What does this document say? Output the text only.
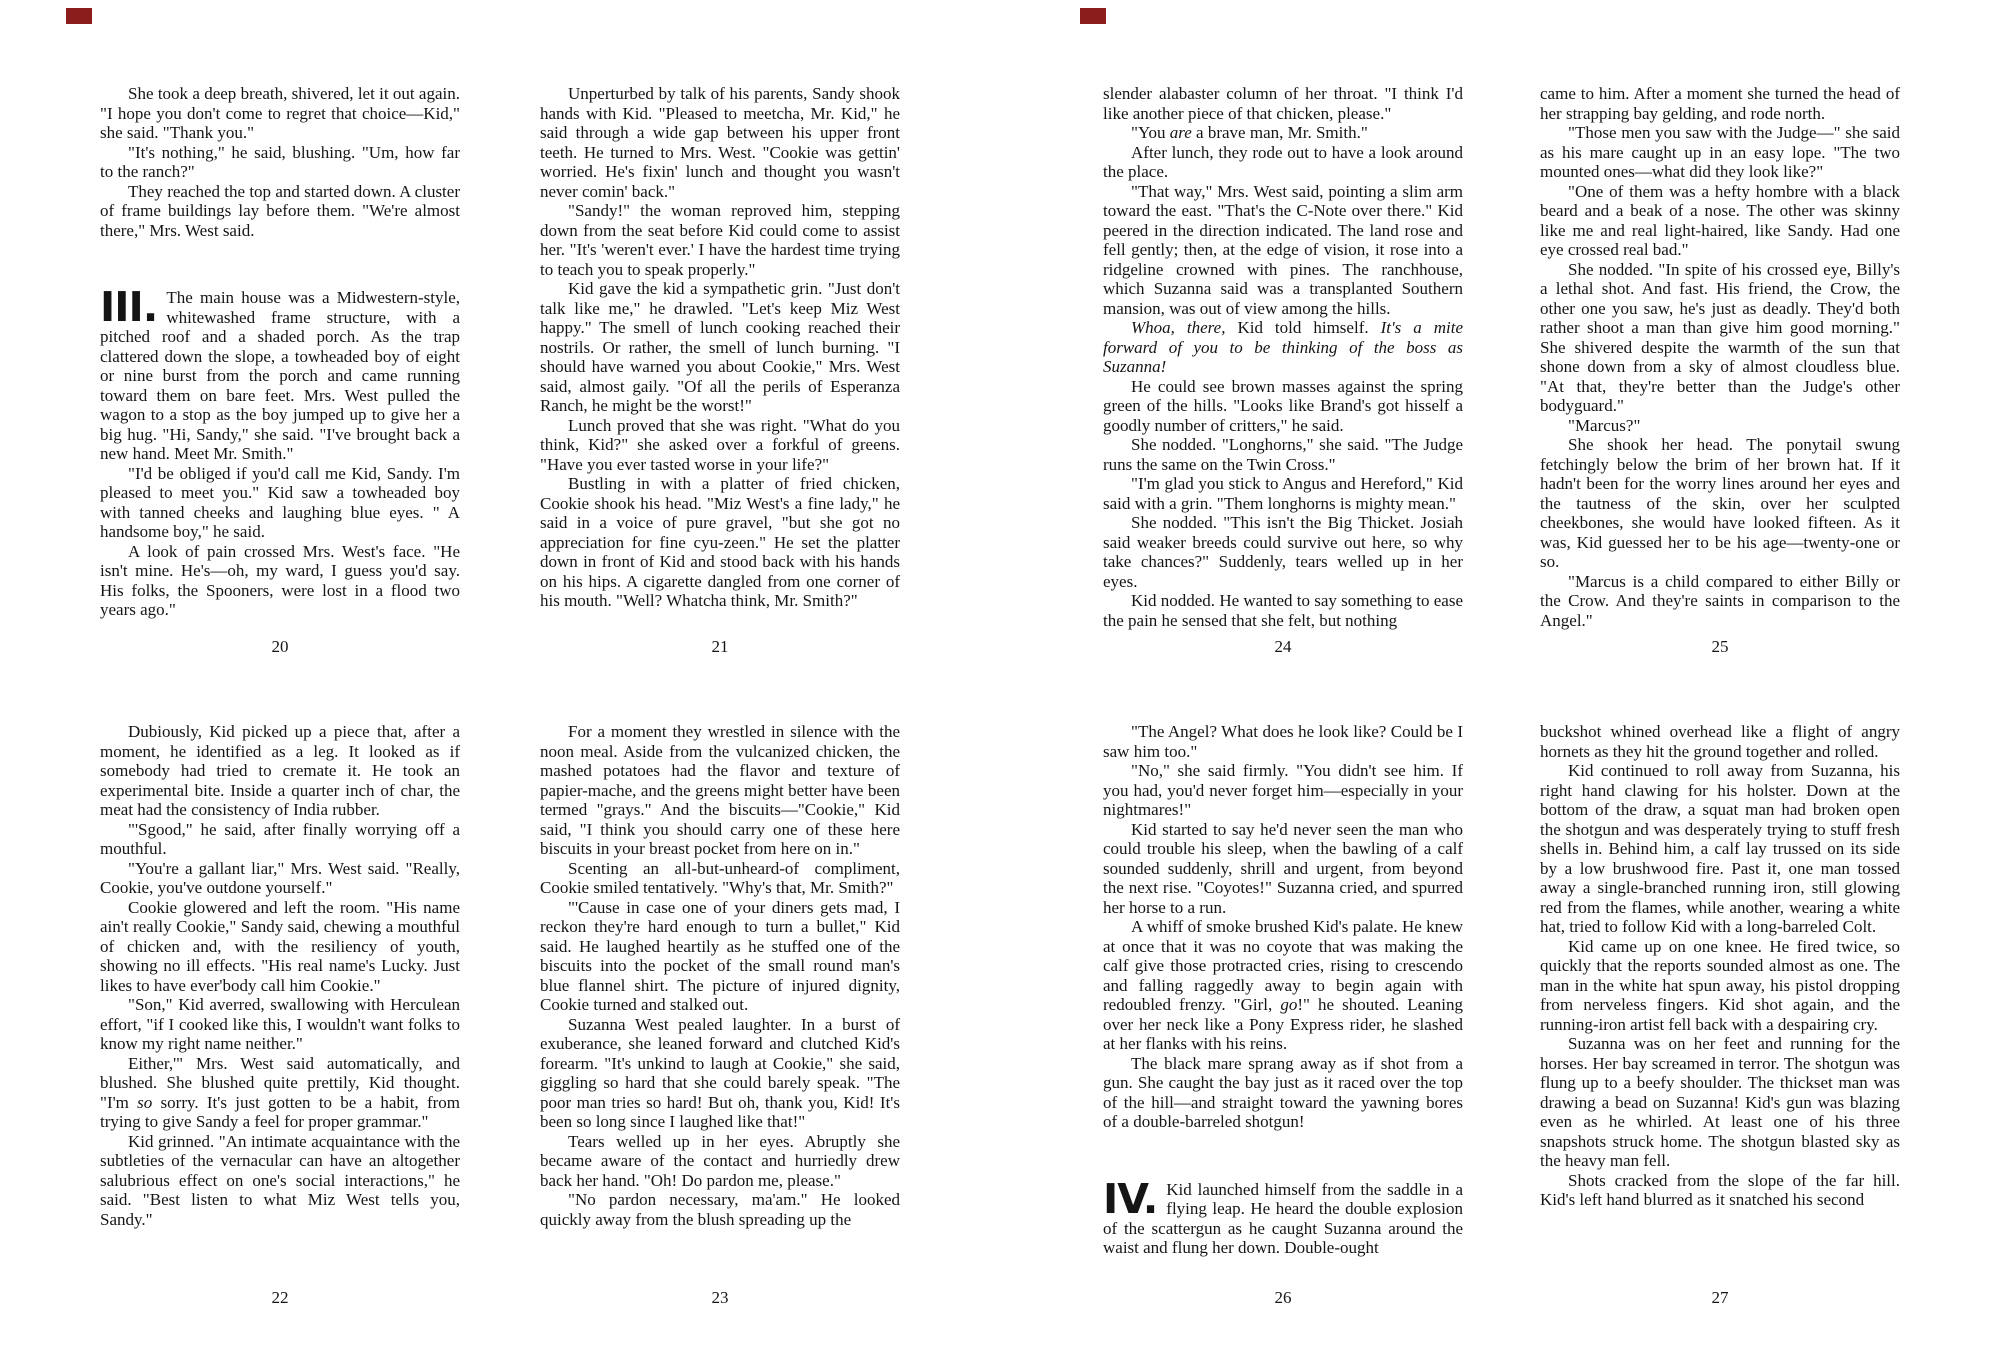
She took a deep breath, shivered, let it out again. "I hope you don't come to regret that choice—Kid," she said. "Thank you."

"It's nothing," he said, blushing. "Um, how far to the ranch?"

They reached the top and started down. A cluster of frame buildings lay before them. "We're almost there," Mrs. West said.

III. The main house was a Midwestern-style, whitewashed frame structure, with a pitched roof and a shaded porch. As the trap clattered down the slope, a towheaded boy of eight or nine burst from the porch and came running toward them on bare feet. Mrs. West pulled the wagon to a stop as the boy jumped up to give her a big hug. "Hi, Sandy," she said. "I've brought back a new hand. Meet Mr. Smith."

"I'd be obliged if you'd call me Kid, Sandy. I'm pleased to meet you." Kid saw a towheaded boy with tanned cheeks and laughing blue eyes. " A handsome boy," he said.

A look of pain crossed Mrs. West's face. "He isn't mine. He's—oh, my ward, I guess you'd say. His folks, the Spooners, were lost in a flood two years ago."

20

Unperturbed by talk of his parents, Sandy shook hands with Kid. "Pleased to meetcha, Mr. Kid," he said through a wide gap between his upper front teeth. He turned to Mrs. West. "Cookie was gettin' worried. He's fixin' lunch and thought you wasn't never comin' back."

"Sandy!" the woman reproved him, stepping down from the seat before Kid could come to assist her. "It's 'weren't ever.' I have the hardest time trying to teach you to speak properly."

Kid gave the kid a sympathetic grin. "Just don't talk like me," he drawled. "Let's keep Miz West happy." The smell of lunch cooking reached their nostrils. Or rather, the smell of lunch burning. "I should have warned you about Cookie," Mrs. West said, almost gaily. "Of all the perils of Esperanza Ranch, he might be the worst!"

Lunch proved that she was right. "What do you think, Kid?" she asked over a forkful of greens. "Have you ever tasted worse in your life?"

Bustling in with a platter of fried chicken, Cookie shook his head. "Miz West's a fine lady," he said in a voice of pure gravel, "but she got no appreciation for fine cyu-zeen." He set the platter down in front of Kid and stood back with his hands on his hips. A cigarette dangled from one corner of his mouth. "Well? Whatcha think, Mr. Smith?"

21

slender alabaster column of her throat. "I think I'd like another piece of that chicken, please."

"You are a brave man, Mr. Smith."

After lunch, they rode out to have a look around the place.

"That way," Mrs. West said, pointing a slim arm toward the east. "That's the C-Note over there." Kid peered in the direction indicated. The land rose and fell gently; then, at the edge of vision, it rose into a ridgeline crowned with pines. The ranchhouse, which Suzanna said was a transplanted Southern mansion, was out of view among the hills.

Whoa, there, Kid told himself. It's a mite forward of you to be thinking of the boss as Suzanna!

He could see brown masses against the spring green of the hills. "Looks like Brand's got hisself a goodly number of critters," he said.

She nodded. "Longhorns," she said. "The Judge runs the same on the Twin Cross."

"I'm glad you stick to Angus and Hereford," Kid said with a grin. "Them longhorns is mighty mean."

She nodded. "This isn't the Big Thicket. Josiah said weaker breeds could survive out here, so why take chances?" Suddenly, tears welled up in her eyes.

Kid nodded. He wanted to say something to ease the pain he sensed that she felt, but nothing

24

came to him. After a moment she turned the head of her strapping bay gelding, and rode north.

"Those men you saw with the Judge—" she said as his mare caught up in an easy lope. "The two mounted ones—what did they look like?"

"One of them was a hefty hombre with a black beard and a beak of a nose. The other was skinny like me and real light-haired, like Sandy. Had one eye crossed real bad."

She nodded. "In spite of his crossed eye, Billy's a lethal shot. And fast. His friend, the Crow, the other one you saw, he's just as deadly. They'd both rather shoot a man than give him good morning." She shivered despite the warmth of the sun that shone down from a sky of almost cloudless blue. "At that, they're better than the Judge's other bodyguard."

"Marcus?"

She shook her head. The ponytail swung fetchingly below the brim of her brown hat. If it hadn't been for the worry lines around her eyes and the tautness of the skin, over her sculpted cheekbones, she would have looked fifteen. As it was, Kid guessed her to be his age—twenty-one or so.

"Marcus is a child compared to either Billy or the Crow. And they're saints in comparison to the Angel."

25

Dubiously, Kid picked up a piece that, after a moment, he identified as a leg. It looked as if somebody had tried to cremate it. He took an experimental bite. Inside a quarter inch of char, the meat had the consistency of India rubber.

"'Sgood," he said, after finally worrying off a mouthful.

"You're a gallant liar," Mrs. West said. "Really, Cookie, you've outdone yourself."

Cookie glowered and left the room. "His name ain't really Cookie," Sandy said, chewing a mouthful of chicken and, with the resiliency of youth, showing no ill effects. "His real name's Lucky. Just likes to have ever'body call him Cookie."

"Son," Kid averred, swallowing with Herculean effort, "if I cooked like this, I wouldn't want folks to know my right name neither."

Either,'" Mrs. West said automatically, and blushed. She blushed quite prettily, Kid thought. "I'm so sorry. It's just gotten to be a habit, from trying to give Sandy a feel for proper grammar."

Kid grinned. "An intimate acquaintance with the subtleties of the vernacular can have an altogether salubrious effect on one's social interactions," he said. "Best listen to what Miz West tells you, Sandy."

22

For a moment they wrestled in silence with the noon meal. Aside from the vulcanized chicken, the mashed potatoes had the flavor and texture of papier-mache, and the greens might better have been termed "grays." And the biscuits—"Cookie," Kid said, "I think you should carry one of these here biscuits in your breast pocket from here on in."

Scenting an all-but-unheard-of compliment, Cookie smiled tentatively. "Why's that, Mr. Smith?"

"'Cause in case one of your diners gets mad, I reckon they're hard enough to turn a bullet," Kid said. He laughed heartily as he stuffed one of the biscuits into the pocket of the small round man's blue flannel shirt. The picture of injured dignity, Cookie turned and stalked out.

Suzanna West pealed laughter. In a burst of exuberance, she leaned forward and clutched Kid's forearm. "It's unkind to laugh at Cookie," she said, giggling so hard that she could barely speak. "The poor man tries so hard! But oh, thank you, Kid! It's been so long since I laughed like that!"

Tears welled up in her eyes. Abruptly she became aware of the contact and hurriedly drew back her hand. "Oh! Do pardon me, please."

"No pardon necessary, ma'am." He looked quickly away from the blush spreading up the

23

"The Angel? What does he look like? Could be I saw him too."

"No," she said firmly. "You didn't see him. If you had, you'd never forget him—especially in your nightmares!"

Kid started to say he'd never seen the man who could trouble his sleep, when the bawling of a calf sounded suddenly, shrill and urgent, from beyond the next rise. "Coyotes!" Suzanna cried, and spurred her horse to a run.

A whiff of smoke brushed Kid's palate. He knew at once that it was no coyote that was making the calf give those protracted cries, rising to crescendo and falling raggedly away to begin again with redoubled frenzy. "Girl, go!" he shouted. Leaning over her neck like a Pony Express rider, he slashed at her flanks with his reins.

The black mare sprang away as if shot from a gun. She caught the bay just as it raced over the top of the hill—and straight toward the yawning bores of a double-barreled shotgun!

IV. Kid launched himself from the saddle in a flying leap. He heard the double explosion of the scattergun as he caught Suzanna around the waist and flung her down. Double-ought

26

buckshot whined overhead like a flight of angry hornets as they hit the ground together and rolled.

Kid continued to roll away from Suzanna, his right hand clawing for his holster. Down at the bottom of the draw, a squat man had broken open the shotgun and was desperately trying to stuff fresh shells in. Behind him, a calf lay trussed on its side by a low brushwood fire. Past it, one man tossed away a single-branched running iron, still glowing red from the flames, while another, wearing a white hat, tried to follow Kid with a long-barreled Colt.

Kid came up on one knee. He fired twice, so quickly that the reports sounded almost as one. The man in the white hat spun away, his pistol dropping from nerveless fingers. Kid shot again, and the running-iron artist fell back with a despairing cry.

Suzanna was on her feet and running for the horses. Her bay screamed in terror. The shotgun was flung up to a beefy shoulder. The thickset man was drawing a bead on Suzanna! Kid's gun was blazing even as he whirled. At least one of his three snapshots struck home. The shotgun blasted sky as the heavy man fell.

Shots cracked from the slope of the far hill. Kid's left hand blurred as it snatched his second

27
